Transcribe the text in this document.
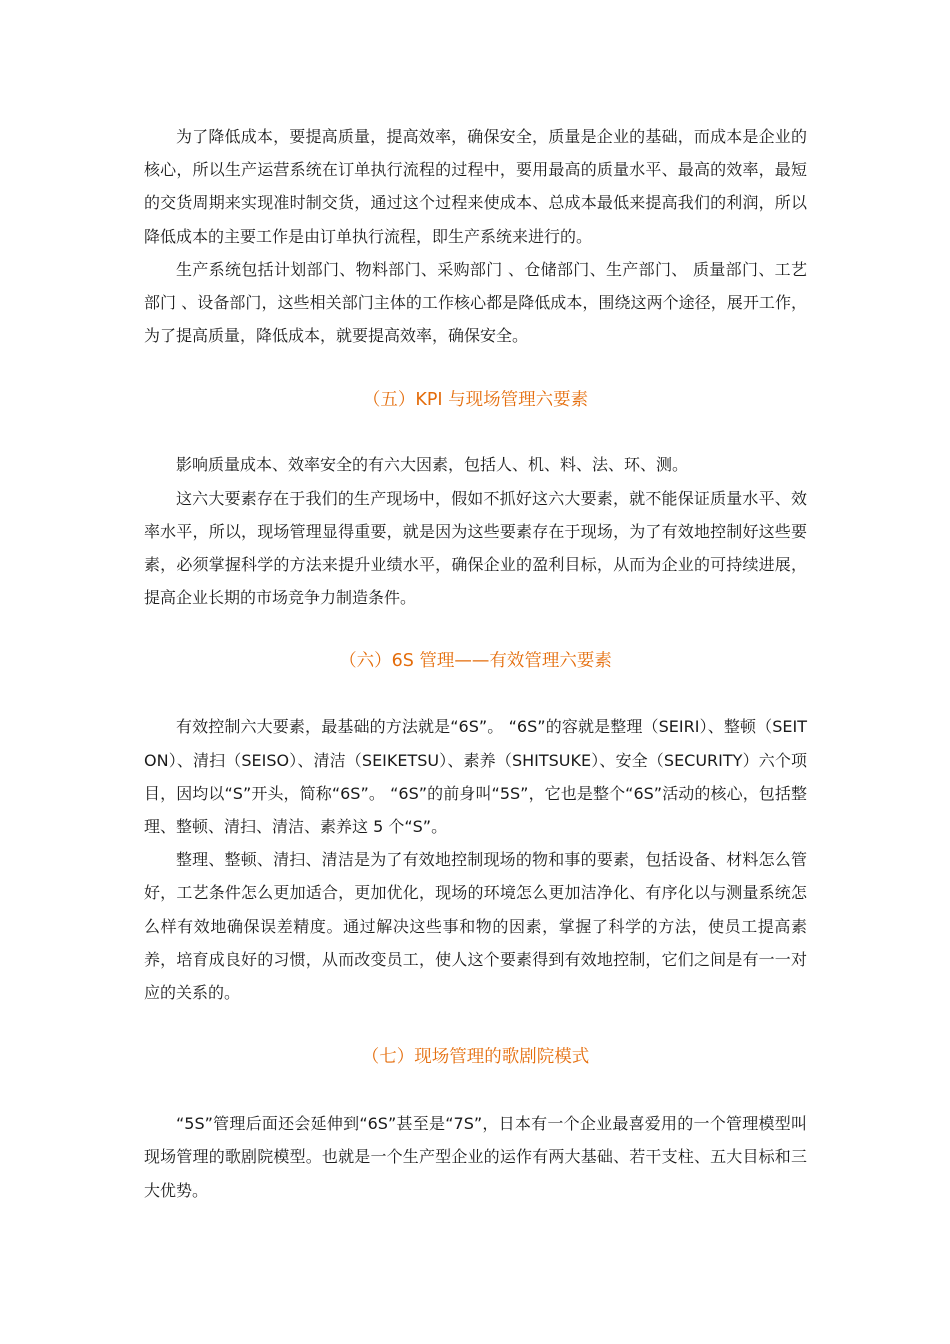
为了降低成本，要提高质量，提高效率，确保安全，质量是企业的基础，而成本是企业的核心，所以生产运营系统在订单执行流程的过程中，要用最高的质量水平、最高的效率，最短的交货周期来实现准时制交货，通过这个过程来使成本、总成本最低来提高我们的利润，所以降低成本的主要工作是由订单执行流程，即生产系统来进行的。

生产系统包括计划部门、物料部门、采购部门 、仓储部门、生产部门、 质量部门、工艺部门 、设备部门，这些相关部门主体的工作核心都是降低成本，围绕这两个途径，展开工作，为了提高质量，降低成本，就要提高效率，确保安全。

（五）KPI 与现场管理六要素

影响质量成本、效率安全的有六大因素，包括人、机、料、法、环、测。

这六大要素存在于我们的生产现场中，假如不抓好这六大要素，就不能保证质量水平、效率水平，所以，现场管理显得重要，就是因为这些要素存在于现场，为了有效地控制好这些要素，必须掌握科学的方法来提升业绩水平，确保企业的盈利目标，从而为企业的可持续进展，提高企业长期的市场竞争力制造条件。

（六）6S 管理——有效管理六要素

有效控制六大要素，最基础的方法就是“6S”。 “6S”的容就是整理（SEIRI）、整顿（SEITON）、清扫（SEISO）、清洁（SEIKETSU）、素养（SHITSUKE）、安全（SECURITY）六个项目，因均以“S”开头，简称“6S”。 “6S”的前身叫“5S”，它也是整个“6S”活动的核心，包括整理、整顿、清扫、清洁、素养这 5 个“S”。

整理、整顿、清扫、清洁是为了有效地控制现场的物和事的要素，包括设备、材料怎么管好，工艺条件怎么更加适合，更加优化，现场的环境怎么更加洁净化、有序化以与测量系统怎么样有效地确保误差精度。通过解决这些事和物的因素，掌握了科学的方法，使员工提高素养，培育成良好的习惯，从而改变员工，使人这个要素得到有效地控制，它们之间是有一一对应的关系的。

（七）现场管理的歌剧院模式

“5S”管理后面还会延伸到“6S”甚至是“7S”，日本有一个企业最喜爱用的一个管理模型叫现场管理的歌剧院模型。也就是一个生产型企业的运作有两大基础、若干支柱、五大目标和三大优势。
